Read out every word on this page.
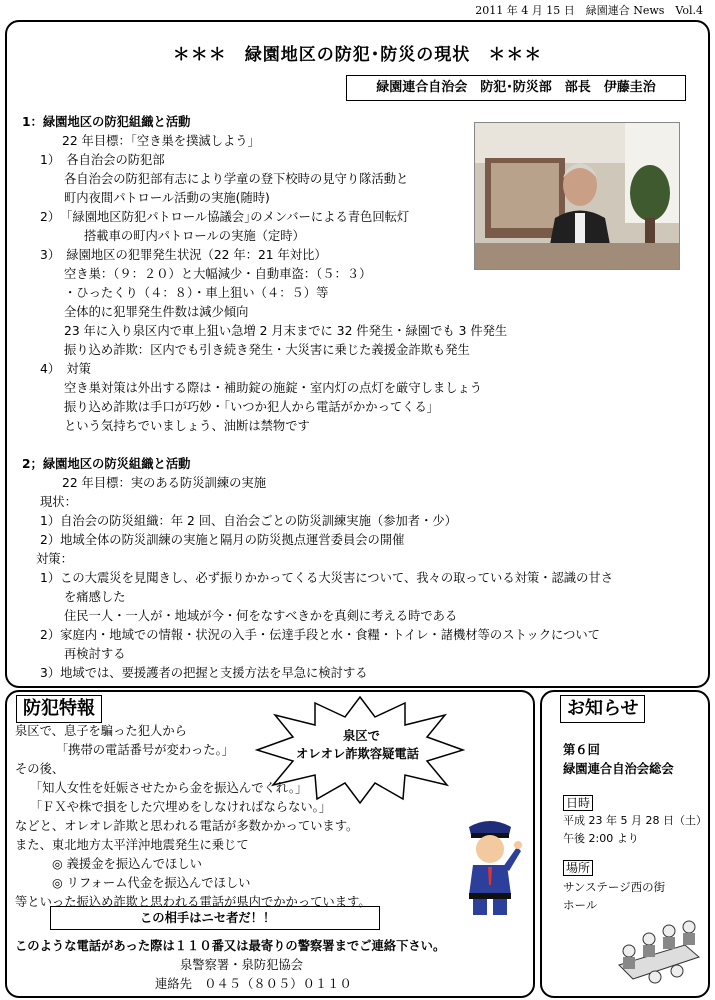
2011 年 4 月 15 日　緑園連合 News　Vol.4
＊＊＊　緑園地区の防犯･防災の現状　＊＊＊
緑園連合自治会　防犯･防災部　部長　伊藤圭治
1：緑園地区の防犯組織と活動
22 年目標：｢空き巣を撲滅しよう｣
1）　各自治会の防犯部
各自治会の防犯部有志により学童の登下校時の見守り隊活動と
町内夜間パトロール活動の実施(随時)
2）　｢緑園地区防犯パトロール協議会｣のメンバーによる青色回転灯
搭載車の町内パトロールの実施（定時）
3）　緑園地区の犯罪発生状況（22 年：21 年対比）
空き巣：（９：２０）と大幅減少・自動車盗：（５：３）
・ひったくり（４：８）・車上狙い（４：５）等
全体的に犯罪発生件数は減少傾向
23 年に入り泉区内で車上狙い急増 2 月末までに 32 件発生・緑園でも 3 件発生
振り込め詐欺：区内でも引き続き発生・大災害に乗じた義援金詐欺も発生
4）　対策
空き巣対策は外出する際は・補助錠の施錠・室内灯の点灯を厳守しましょう
振り込め詐欺は手口が巧妙・｢いつか犯人から電話がかかってくる｣
という気持ちでいましょう、油断は禁物です
2；緑園地区の防災組織と活動
22 年目標：実のある防災訓練の実施
現状：
1）自治会の防災組織：年 2 回、自治会ごとの防災訓練実施（参加者・少）
2）地域全体の防災訓練の実施と隔月の防災拠点運営委員会の開催
対策：
1）この大震災を見聞きし、必ず振りかかってくる大災害について、我々の取っている対策・認識の甘さ
を痛感した
住民一人・一人が・地域が今・何をなすべきかを真剣に考える時である
2）家庭内・地域での情報・状況の入手・伝達手段と水・食糧・トイレ・諸機材等のストックについて
再検討する
3）地域では、要援護者の把握と支援方法を早急に検討する
防犯特報
泉区で
オレオレ詐欺容疑電話
泉区で、息子を騙った犯人から
｢携帯の電話番号が変わった。｣
その後、
｢知人女性を妊娠させたから金を振込んでくれ。｣
｢ＦＸや株で損をした穴埋めをしなければならない。｣
などと、オレオレ詐欺と思われる電話が多数かかっています。
また、東北地方太平洋沖地震発生に乗じて
◎ 義援金を振込んでほしい
◎ リフォーム代金を振込んでほしい
等といった振込め詐欺と思われる電話が県内でかかっています。
この相手はニセ者だ！！
このような電話があった際は１１０番又は最寄りの警察署までご連絡下さい。
泉警察署・泉防犯協会
連絡先　０４５（８０５）０１１０
お知らせ
第６回
緑園連合自治会総会
日時
平成 23 年 5 月 28 日（土）
午後 2:00 より
場所
サンステージ西の街
ホール
